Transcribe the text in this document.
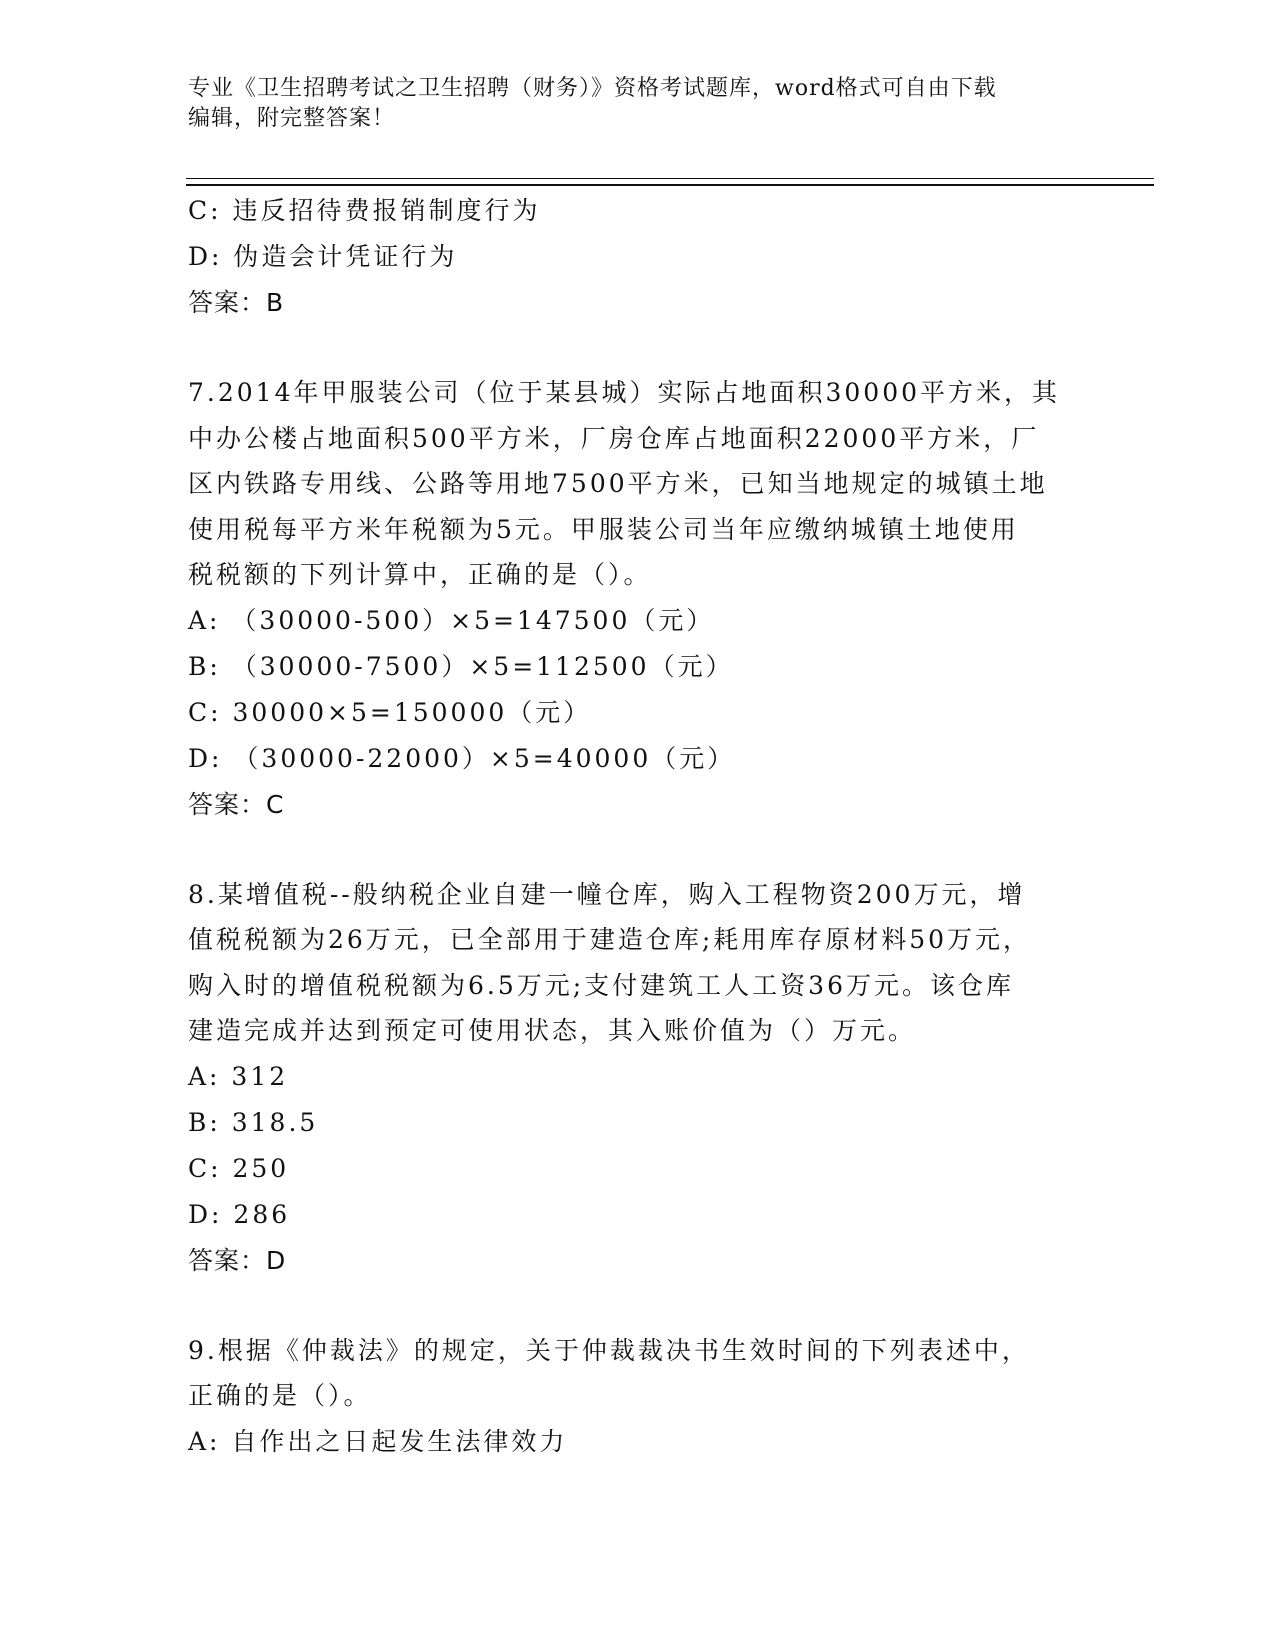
专业《卫生招聘考试之卫生招聘（财务）》资格考试题库，word格式可自由下载
编辑，附完整答案！
C: 违反招待费报销制度行为
D: 伪造会计凭证行为
答案：B
7.2014年甲服装公司（位于某县城）实际占地面积30000平方米，其
中办公楼占地面积500平方米，厂房仓库占地面积22000平方米，厂
区内铁路专用线、公路等用地7500平方米，已知当地规定的城镇土地
使用税每平方米年税额为5元。甲服装公司当年应缴纳城镇土地使用
税税额的下列计算中，正确的是（）。
A: （30000-500）×5=147500（元）
B: （30000-7500）×5=112500（元）
C: 30000×5=150000（元）
D: （30000-22000）×5=40000（元）
答案：C
8.某增值税--般纳税企业自建一幢仓库，购入工程物资200万元，增
值税税额为26万元，已全部用于建造仓库;耗用库存原材料50万元，
购入时的增值税税额为6.5万元;支付建筑工人工资36万元。该仓库
建造完成并达到预定可使用状态，其入账价值为（）万元。
A: 312
B: 318.5
C: 250
D: 286
答案：D
9.根据《仲裁法》的规定，关于仲裁裁决书生效时间的下列表述中，
正确的是（）。
A: 自作出之日起发生法律效力
